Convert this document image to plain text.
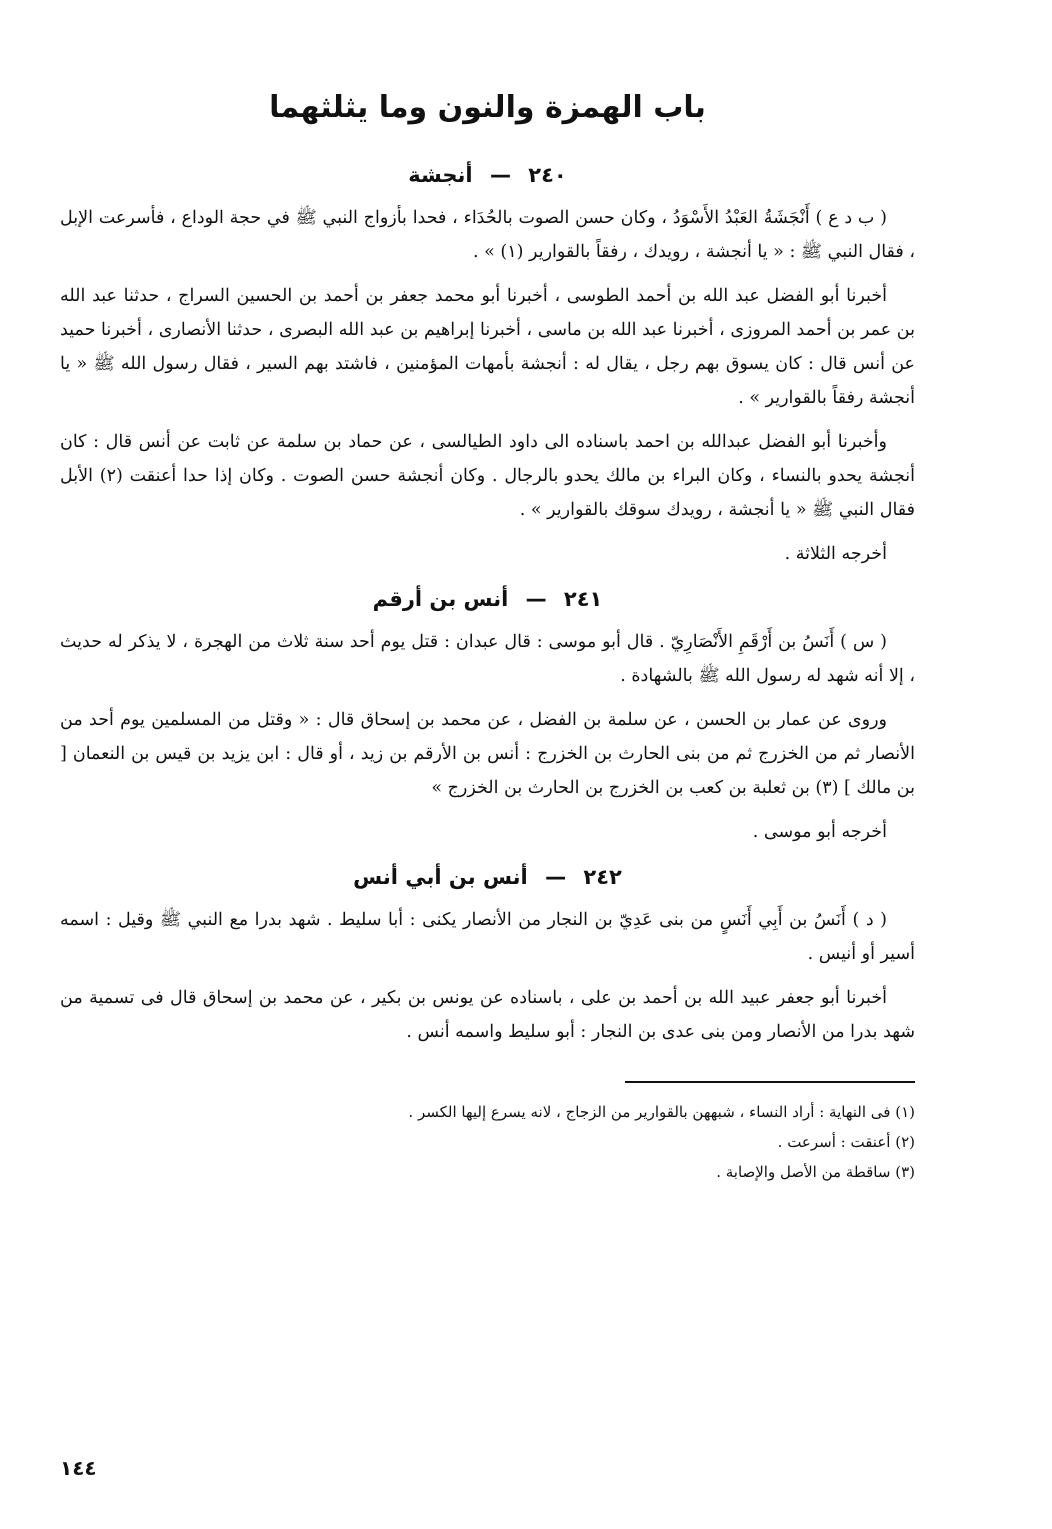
باب الهمزة والنون وما يثلثهما
٢٤٠ — أنجشة

( ب د ع ) أَنْجَشَةُ العَبْدُ الأَسْوَدُ ، وكان حسن الصوت بالحُدَاء ، فحدا بأزواج النبي ﷺ في حجة الوداع ، فأسرعت الإبل ، فقال النبي ﷺ : « يا أنجشة ، رويدك ، رفقاً بالقوارير (١) » .

أخبرنا أبو الفضل عبد الله بن أحمد الطوسى ، أخبرنا أبو محمد جعفر بن أحمد بن الحسين السراج ، حدثنا عبد الله بن عمر بن أحمد المروزى ، أخبرنا عبد الله بن ماسى ، أخبرنا إبراهيم بن عبد الله البصرى ، حدثنا الأنصارى ، أخبرنا حميد عن أنس قال : كان يسوق بهم رجل ، يقال له : أنجشة بأمهات المؤمنين ، فاشتد بهم السير ، فقال رسول الله ﷺ « يا أنجشة رفقاً بالقوارير » .

وأخبرنا أبو الفضل عبدالله بن احمد باسناده الى داود الطيالسى ، عن حماد بن سلمة عن ثابت عن أنس قال : كان أنجشة يحدو بالنساء ، وكان البراء بن مالك يحدو بالرجال . وكان أنجشة حسن الصوت . وكان إذا حدا أعنقت (٢) الأبل فقال النبي ﷺ « يا أنجشة ، رويدك سوقك بالقوارير » .

أخرجه الثلاثة .

٢٤١ — أنس بن أرقم

( س ) أَنَسُ بن أَرْقَمِ الأَنْصَارِيّ . قال أبو موسى : قال عبدان : قتل يوم أحد سنة ثلاث من الهجرة ، لا يذكر له حديث ، إلا أنه شهد له رسول الله ﷺ بالشهادة .

وروى عن عمار بن الحسن ، عن سلمة بن الفضل ، عن محمد بن إسحاق قال : « وقتل من المسلمين يوم أحد من الأنصار ثم من الخزرج ثم من بنى الحارث بن الخزرج : أنس بن الأرقم بن زيد ، أو قال : ابن يزيد بن قيس بن النعمان [ بن مالك ] (٣) بن ثعلبة بن كعب بن الخزرج بن الحارث بن الخزرج »

أخرجه أبو موسى .

٢٤٢ — أنس بن أبي أنس

( د ) أَنَسُ بن أَبِي أَنَسٍ من بنى عَدِيّ بن النجار من الأنصار يكنى : أبا سليط . شهد بدرا مع النبي ﷺ وقيل : اسمه أسير أو أنيس .

أخبرنا أبو جعفر عبيد الله بن أحمد بن على ، باسناده عن يونس بن بكير ، عن محمد بن إسحاق قال فى تسمية من شهد بدرا من الأنصار ومن بنى عدى بن النجار : أبو سليط واسمه أنس .

(١) فى النهاية : أراد النساء ، شبههن بالقوارير من الزجاج ، لانه يسرع إليها الكسر .

(٢) أعنقت : أسرعت .

(٣) ساقطة من الأصل والإصابة .

١٤٤
